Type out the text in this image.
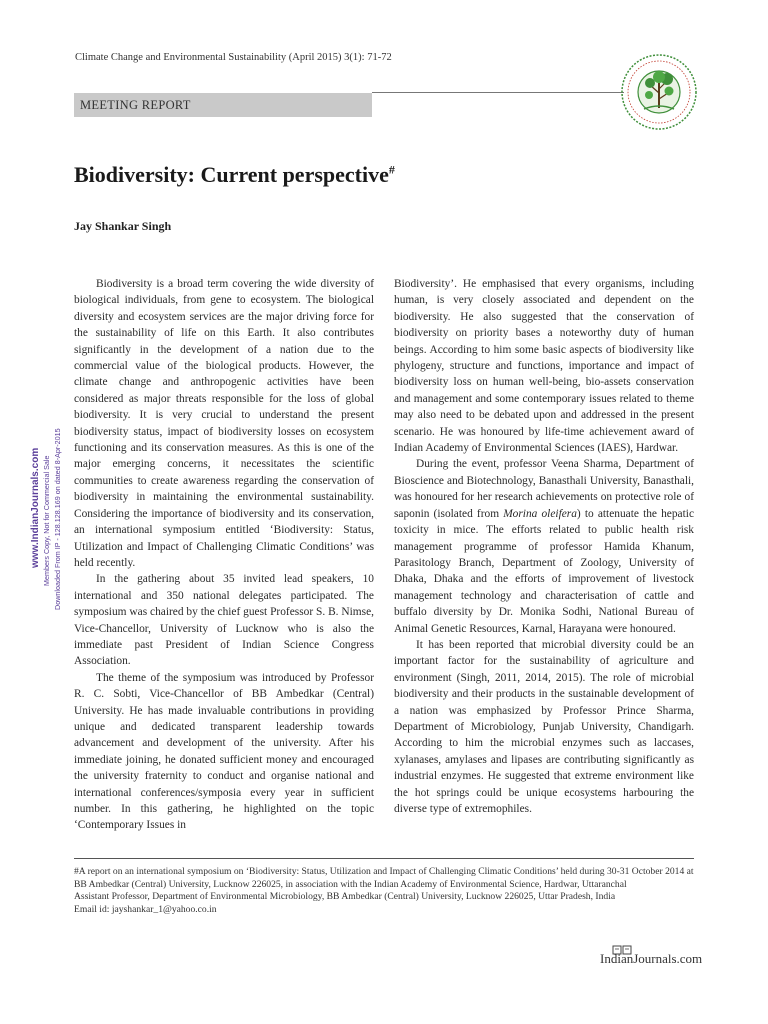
Climate Change and Environmental Sustainability (April 2015) 3(1): 71-72
MEETING REPORT
Biodiversity: Current perspective#
Jay Shankar Singh

Biodiversity is a broad term covering the wide diversity of biological individuals, from gene to ecosystem. The biological diversity and ecosystem services are the major driving force for the sustainability of life on this Earth. It also contributes significantly in the development of a nation due to the commercial value of the biological products. However, the climate change and anthropogenic activities have been considered as major threats responsible for the loss of global biodiversity. It is very crucial to understand the present biodiversity status, impact of biodiversity losses on ecosystem functioning and its conservation measures. As this is one of the major emerging concerns, it necessitates the scientific communities to create awareness regarding the conservation of biodiversity in maintaining the environmental sustainability. Considering the importance of biodiversity and its conservation, an international symposium entitled ‘Biodiversity: Status, Utilization and Impact of Challenging Climatic Conditions’ was held recently.

In the gathering about 35 invited lead speakers, 10 international and 350 national delegates participated. The symposium was chaired by the chief guest Professor S. B. Nimse, Vice-Chancellor, University of Lucknow who is also the immediate past President of Indian Science Congress Association.

The theme of the symposium was introduced by Professor R. C. Sobti, Vice-Chancellor of BB Ambedkar (Central) University. He has made invaluable contributions in providing unique and dedicated transparent leadership towards advancement and development of the university. After his immediate joining, he donated sufficient money and encouraged the university fraternity to conduct and organise national and international conferences/symposia every year in sufficient number. In this gathering, he highlighted on the topic ‘Contemporary Issues in

Biodiversity’. He emphasised that every organisms, including human, is very closely associated and dependent on the biodiversity. He also suggested that the conservation of biodiversity on priority bases a noteworthy duty of human beings. According to him some basic aspects of biodiversity like phylogeny, structure and functions, importance and impact of biodiversity loss on human well-being, bio-assets conservation and management and some contemporary issues related to theme may also need to be debated upon and addressed in the present scenario. He was honoured by life-time achievement award of Indian Academy of Environmental Sciences (IAES), Hardwar.

During the event, professor Veena Sharma, Department of Bioscience and Biotechnology, Banasthali University, Banasthali, was honoured for her research achievements on protective role of saponin (isolated from Morina oleifera) to attenuate the hepatic toxicity in mice. The efforts related to public health risk management programme of professor Hamida Khanum, Parasitology Branch, Department of Zoology, University of Dhaka, Dhaka and the efforts of improvement of livestock management technology and characterisation of cattle and buffalo diversity by Dr. Monika Sodhi, National Bureau of Animal Genetic Resources, Karnal, Harayana were honoured.

It has been reported that microbial diversity could be an important factor for the sustainability of agriculture and environment (Singh, 2011, 2014, 2015). The role of microbial biodiversity and their products in the sustainable development of a nation was emphasized by Professor Prince Sharma, Department of Microbiology, Punjab University, Chandigarh. According to him the microbial enzymes such as laccases, xylanases, amylases and lipases are contributing significantly as industrial enzymes. He suggested that extreme environment like the hot springs could be unique ecosystems harbouring the diverse type of extremophiles.

#A report on an international symposium on ‘Biodiversity: Status, Utilization and Impact of Challenging Climatic Conditions’ held during 30-31 October 2014 at BB Ambedkar (Central) University, Lucknow 226025, in association with the Indian Academy of Environmental Science, Hardwar, Uttaranchal

Assistant Professor, Department of Environmental Microbiology, BB Ambedkar (Central) University, Lucknow 226025, Uttar Pradesh, India

Email id: jayshankar_1@yahoo.co.in

IndianJournals.com
www.IndianJournals.com Members Copy, Not for Commercial Sale Downloaded From IP - 128.128.169 on dated 8-Apr-2015
